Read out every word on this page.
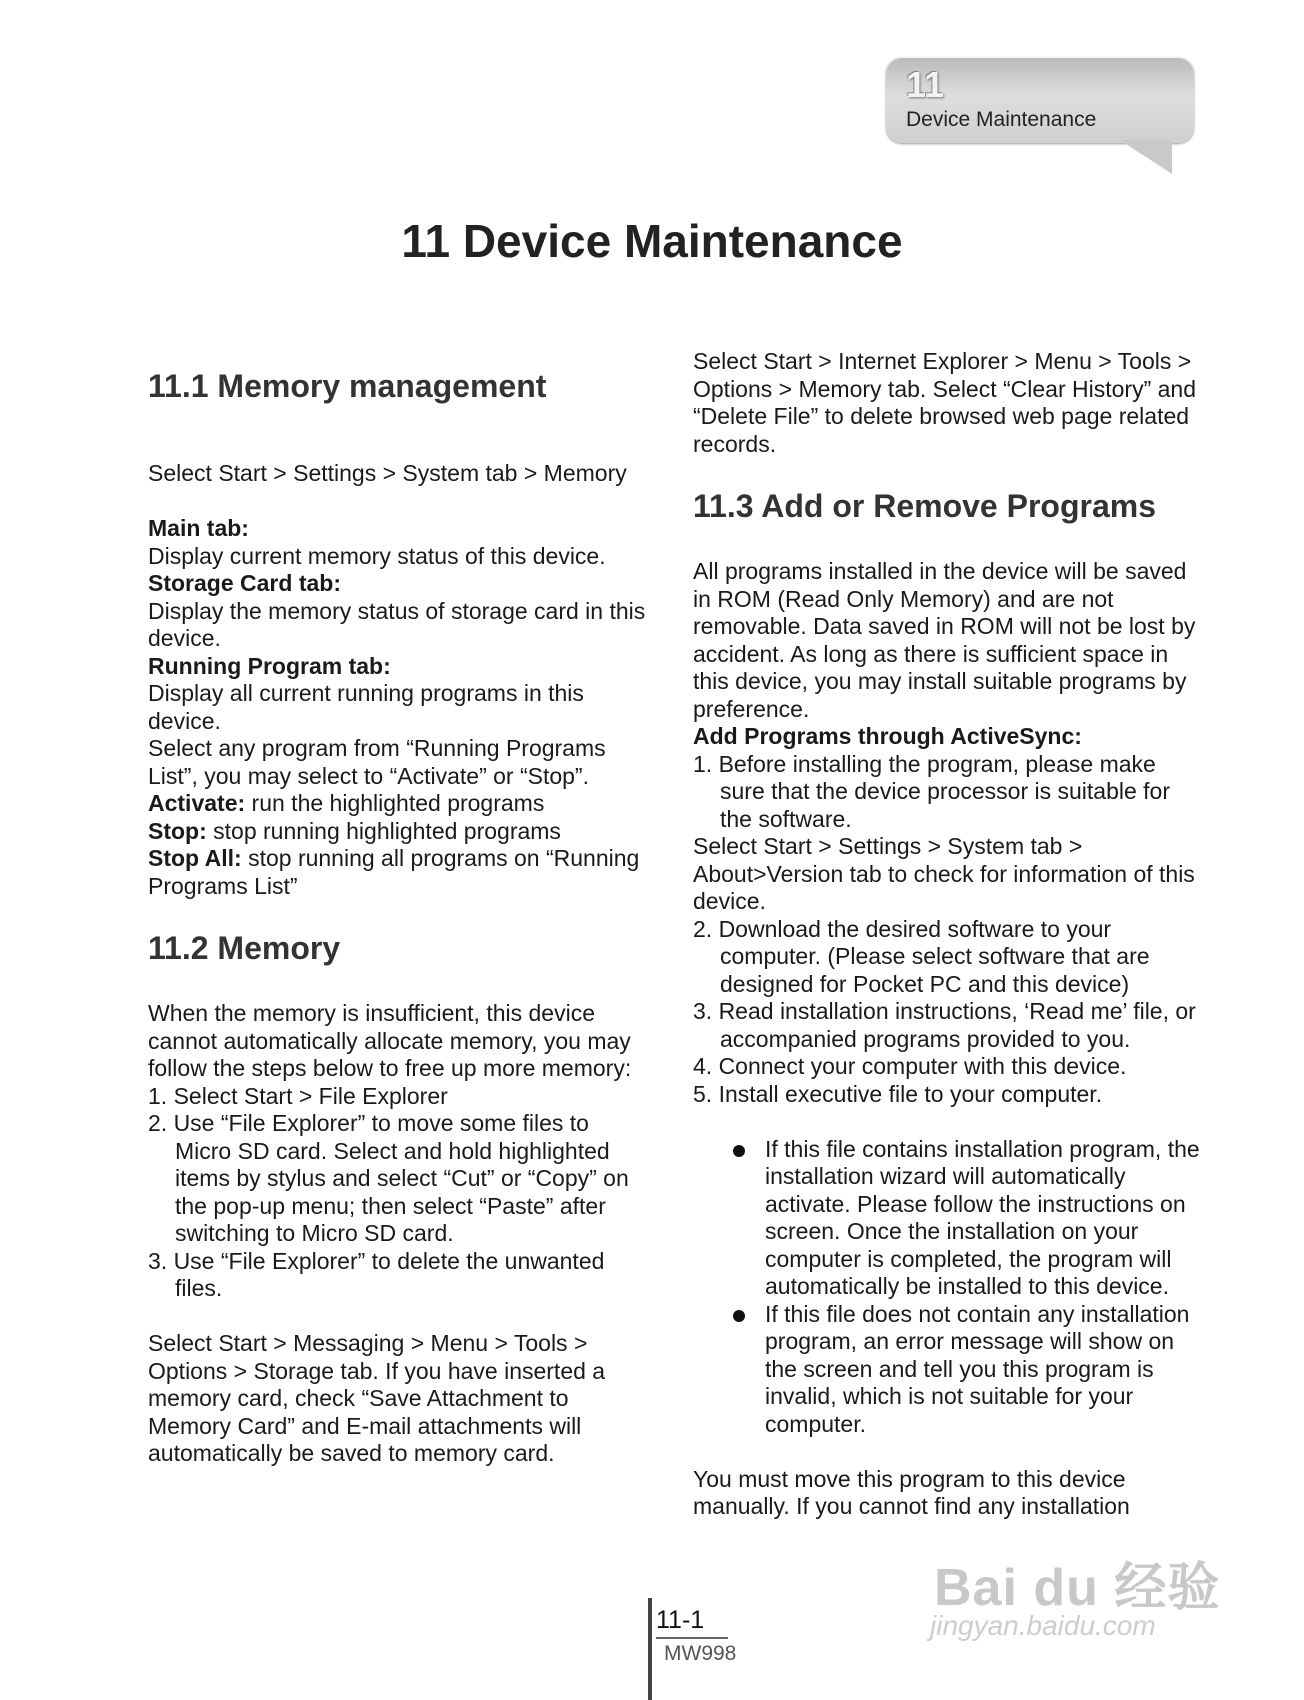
11
Device Maintenance
11 Device Maintenance

11.1 Memory management

Select Start > Settings > System tab > Memory

Main tab:

Display current memory status of this device.

Storage Card tab:

Display the memory status of storage card in this device.

Running Program tab:

Display all current running programs in this device.

Select any program from “Running Programs List”, you may select to “Activate” or “Stop”.

Activate: run the highlighted programs

Stop: stop running highlighted programs

Stop All: stop running all programs on “Running Programs List”

11.2 Memory

When the memory is insufficient, this device cannot automatically allocate memory, you may follow the steps below to free up more memory:

1. Select Start > File Explorer
2. Use “File Explorer” to move some files to Micro SD card. Select and hold highlighted items by stylus and select “Cut” or “Copy” on the pop-up menu; then select “Paste” after switching to Micro SD card.
3. Use “File Explorer” to delete the unwanted files.

Select Start > Messaging > Menu > Tools > Options > Storage tab. If you have inserted a memory card, check “Save Attachment to Memory Card” and E-mail attachments will automatically be saved to memory card.

Select Start > Internet Explorer > Menu > Tools > Options > Memory tab. Select “Clear History” and “Delete File” to delete browsed web page related records.

11.3 Add or Remove Programs

All programs installed in the device will be saved in ROM (Read Only Memory) and are not removable. Data saved in ROM will not be lost by accident. As long as there is sufficient space in this device, you may install suitable programs by preference.

Add Programs through ActiveSync:

1. Before installing the program, please make sure that the device processor is suitable for the software.

Select Start > Settings > System tab > About>Version tab to check for information of this device.

2. Download the desired software to your computer. (Please select software that are designed for Pocket PC and this device)
3. Read installation instructions, ‘Read me’ file, or accompanied programs provided to you.
4. Connect your computer with this device.
5. Install executive file to your computer.
If this file contains installation program, the installation wizard will automatically activate. Please follow the instructions on screen. Once the installation on your computer is completed, the program will automatically be installed to this device.
If this file does not contain any installation program, an error message will show on the screen and tell you this program is invalid, which is not suitable for your computer.

You must move this program to this device manually. If you cannot find any installation

11-1
MW998
Bai du 经验
jingyan.baidu.com
